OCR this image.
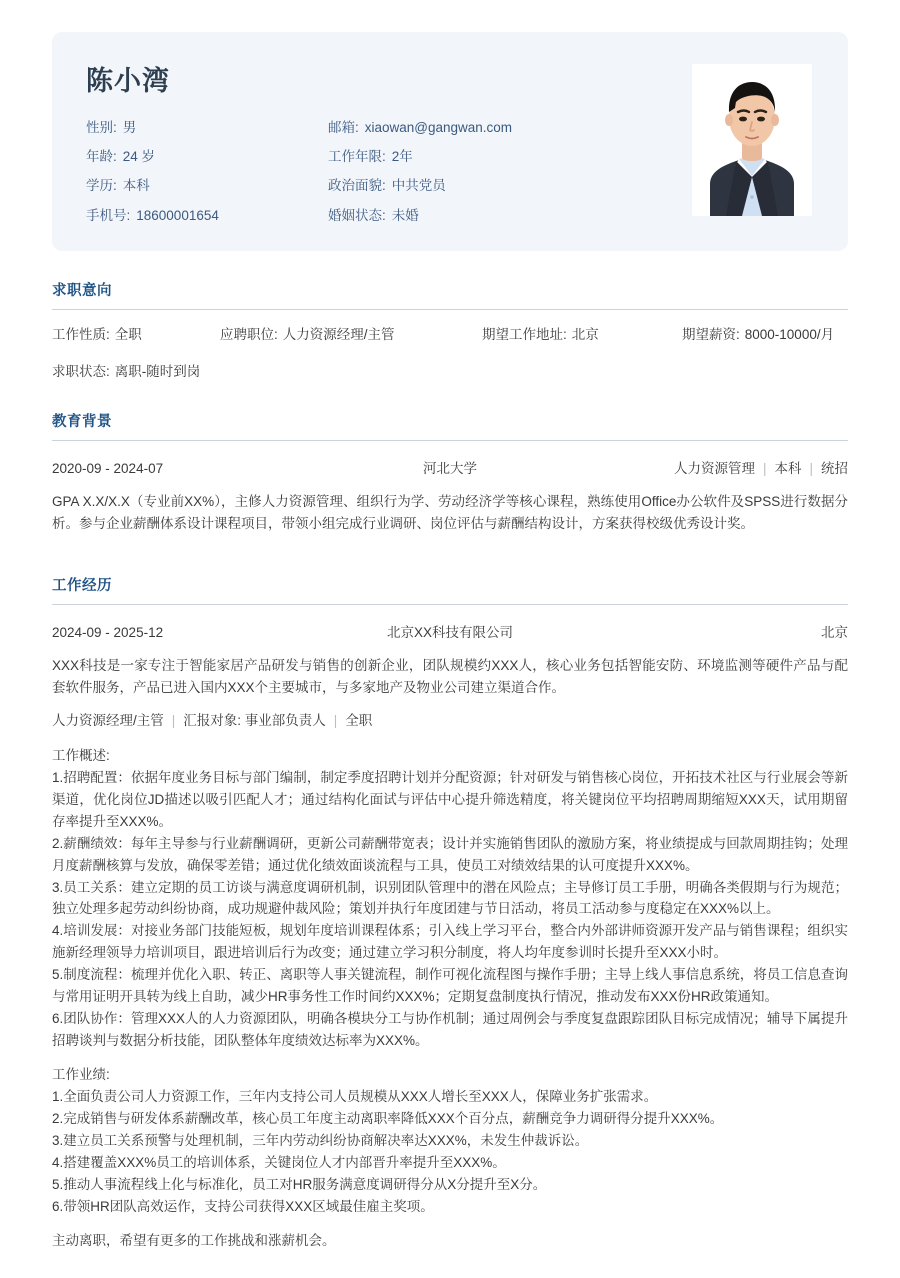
陈小湾
性别: 男	邮箱: xiaowan@gangwan.com
年龄: 24 岁	工作年限: 2年
学历: 本科	政治面貌: 中共党员
手机号: 18600001654	婚姻状态: 未婚
求职意向
工作性质: 全职	应聘职位: 人力资源经理/主管	期望工作地址: 北京	期望薪资: 8000-10000/月
求职状态: 离职-随时到岗
教育背景
2020-09 - 2024-07	河北大学	人力资源管理 | 本科 | 统招
GPA X.X/X.X（专业前XX%），主修人力资源管理、组织行为学、劳动经济学等核心课程，熟练使用Office办公软件及SPSS进行数据分析。参与企业薪酬体系设计课程项目，带领小组完成行业调研、岗位评估与薪酬结构设计，方案获得校级优秀设计奖。
工作经历
2024-09 - 2025-12	北京XX科技有限公司	北京
XXX科技是一家专注于智能家居产品研发与销售的创新企业，团队规模约XXX人，核心业务包括智能安防、环境监测等硬件产品与配套软件服务，产品已进入国内XXX个主要城市，与多家地产及物业公司建立渠道合作。
人力资源经理/主管 | 汇报对象: 事业部负责人 | 全职
工作概述:
1.招聘配置：依据年度业务目标与部门编制，制定季度招聘计划并分配资源；针对研发与销售核心岗位，开拓技术社区与行业展会等新渠道，优化岗位JD描述以吸引匹配人才；通过结构化面试与评估中心提升筛选精度，将关键岗位平均招聘周期缩短XXX天，试用期留存率提升至XXX%。
2.薪酬绩效：每年主导参与行业薪酬调研，更新公司薪酬带宽表；设计并实施销售团队的激励方案，将业绩提成与回款周期挂钩；处理月度薪酬核算与发放，确保零差错；通过优化绩效面谈流程与工具，使员工对绩效结果的认可度提升XXX%。
3.员工关系：建立定期的员工访谈与满意度调研机制，识别团队管理中的潜在风险点；主导修订员工手册，明确各类假期与行为规范；独立处理多起劳动纠纷协商，成功规避仲裁风险；策划并执行年度团建与节日活动，将员工活动参与度稳定在XXX%以上。
4.培训发展：对接业务部门技能短板，规划年度培训课程体系；引入线上学习平台，整合内外部讲师资源开发产品与销售课程；组织实施新经理领导力培训项目，跟进培训后行为改变；通过建立学习积分制度，将人均年度参训时长提升至XXX小时。
5.制度流程：梳理并优化入职、转正、离职等人事关键流程，制作可视化流程图与操作手册；主导上线人事信息系统，将员工信息查询与常用证明开具转为线上自助，减少HR事务性工作时间约XXX%；定期复盘制度执行情况，推动发布XXX份HR政策通知。
6.团队协作：管理XXX人的人力资源团队，明确各模块分工与协作机制；通过周例会与季度复盘跟踪团队目标完成情况；辅导下属提升招聘谈判与数据分析技能，团队整体年度绩效达标率为XXX%。
工作业绩:
1.全面负责公司人力资源工作，三年内支持公司人员规模从XXX人增长至XXX人，保障业务扩张需求。
2.完成销售与研发体系薪酬改革，核心员工年度主动离职率降低XXX个百分点，薪酬竞争力调研得分提升XXX%。
3.建立员工关系预警与处理机制，三年内劳动纠纷协商解决率达XXX%，未发生仲裁诉讼。
4.搭建覆盖XXX%员工的培训体系，关键岗位人才内部晋升率提升至XXX%。
5.推动人事流程线上化与标准化，员工对HR服务满意度调研得分从X分提升至X分。
6.带领HR团队高效运作，支持公司获得XXX区域最佳雇主奖项。
主动离职，希望有更多的工作挑战和涨薪机会。
